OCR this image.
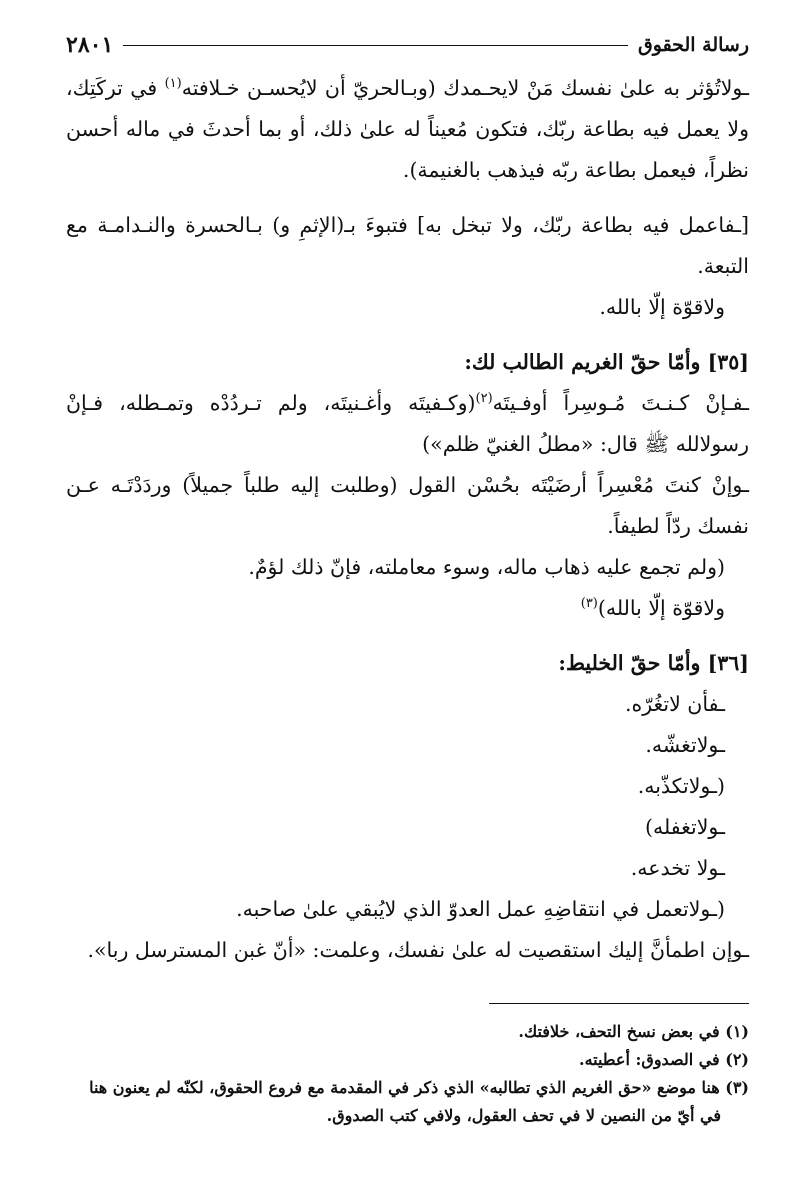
رسالة الحقوق
٢٨٠١

ـولاتُؤثر به علىٰ نفسك مَنْ لايحـمدك (وبـالحريّ أن لايُحسـن خـلافته$^{(١)}$ في تركَتِك، ولا يعمل فيه بطاعة ربّك، فتكون مُعيناً له علىٰ ذلك، أو بما أحدثَ في ماله أحسن نظراً، فيعمل بطاعة ربّه فيذهب بالغنيمة).

[ـفاعمل فيه بطاعة ربّك، ولا تبخل به] فتبوءَ بـ(الإثمِ و) بـالحسرة والنـدامـة مع التبعة.

ولاقوّة إلّا بالله.

[٣٥] وأمّا حقّ الغريم الطالب لك:

ـفـإنْ كـنـتَ مُـوسِراً أوفـيتَه$^{(٢)}$(وكـفيتَه وأغـنيتَه، ولم تـردُدْه وتمـطله، فـإنْ رسولالله ﷺ قال: «مطلُ الغنيّ ظلم»)

ـوإنْ كنتَ مُعْسِراً أرضَيْتَه بحُسْن القول (وطلبت إليه طلباً جميلاً) وردَدْتَـه عـن نفسك ردّاً لطيفاً.

(ولم تجمع عليه ذهاب ماله، وسوء معاملته، فإنّ ذلك لؤمٌ.

ولاقوّة إلّا بالله)$^{(٣)}$

[٣٦] وأمّا حقّ الخليط:

ـفأن لاتغُرّه.

ـولاتغشّه.

(ـولاتكذّبه.

ـولاتغفله)

ـولا تخدعه.

(ـولاتعمل في انتقاضِهِ عمل العدوّ الذي لايُبقي علىٰ صاحبه.

ـوإن اطمأنَّ إليك استقصيت له علىٰ نفسك، وعلمت: «أنّ غبن المسترسل ربا».

(١) في بعض نسخ التحف، خلافتك.

(٢) في الصدوق: أعطيته.

(٣) هنا موضع «حق الغريم الذي تطالبه» الذي ذكر في المقدمة مع فروع الحقوق، لكنّه لم يعنون هنا

في أيّ من النصين لا في تحف العقول، ولافي كتب الصدوق.
